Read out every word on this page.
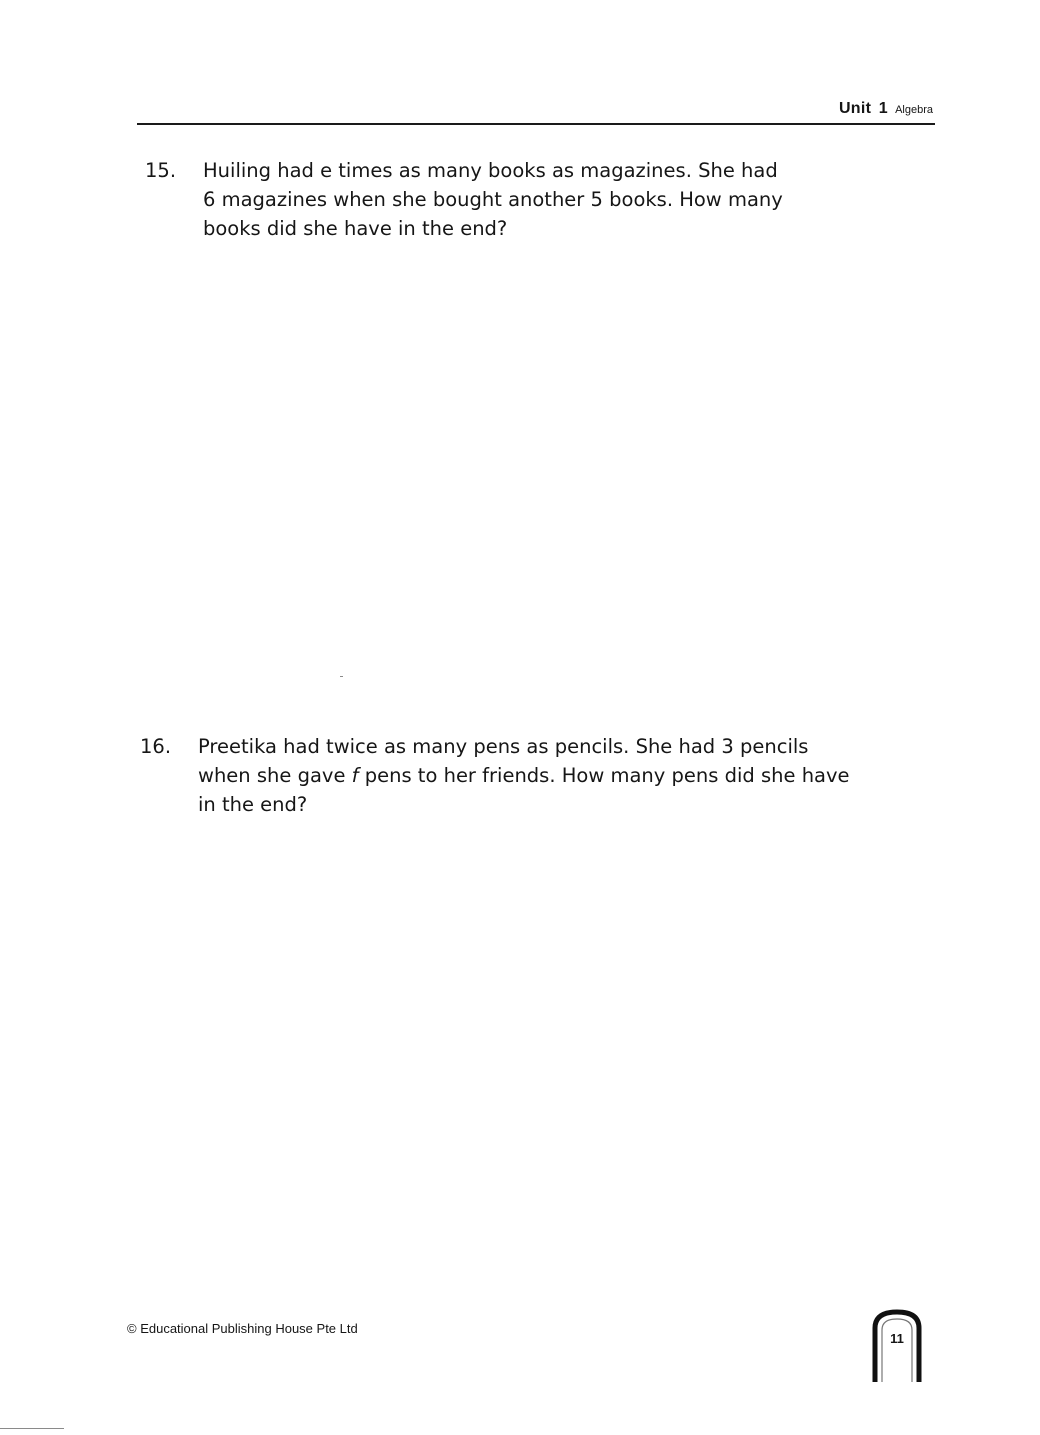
Unit 1 Algebra
15. Huiling had e times as many books as magazines. She had
6 magazines when she bought another 5 books. How many
books did she have in the end?
16. Preetika had twice as many pens as pencils. She had 3 pencils
when she gave f pens to her friends. How many pens did she have
in the end?
© Educational Publishing House Pte Ltd
11
